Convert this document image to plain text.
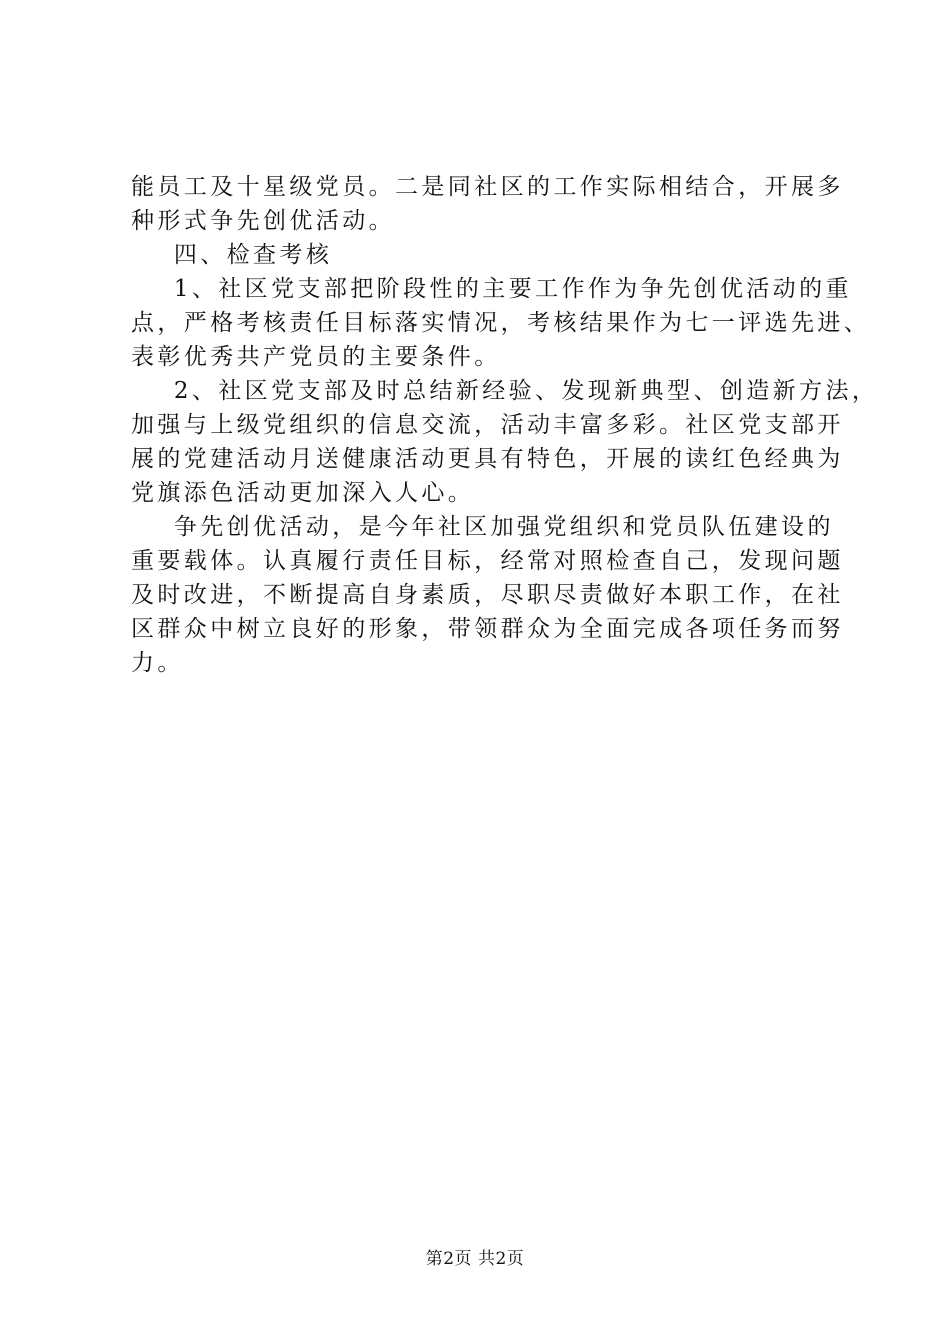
能员工及十星级党员。二是同社区的工作实际相结合，开展多
种形式争先创优活动。
四、检查考核
1、社区党支部把阶段性的主要工作作为争先创优活动的重
点，严格考核责任目标落实情况，考核结果作为七一评选先进、
表彰优秀共产党员的主要条件。
2、社区党支部及时总结新经验、发现新典型、创造新方法，
加强与上级党组织的信息交流，活动丰富多彩。社区党支部开
展的党建活动月送健康活动更具有特色，开展的读红色经典为
党旗添色活动更加深入人心。
争先创优活动，是今年社区加强党组织和党员队伍建设的
重要载体。认真履行责任目标，经常对照检查自己，发现问题
及时改进，不断提高自身素质，尽职尽责做好本职工作，在社
区群众中树立良好的形象，带领群众为全面完成各项任务而努
力。
第2页 共2页
